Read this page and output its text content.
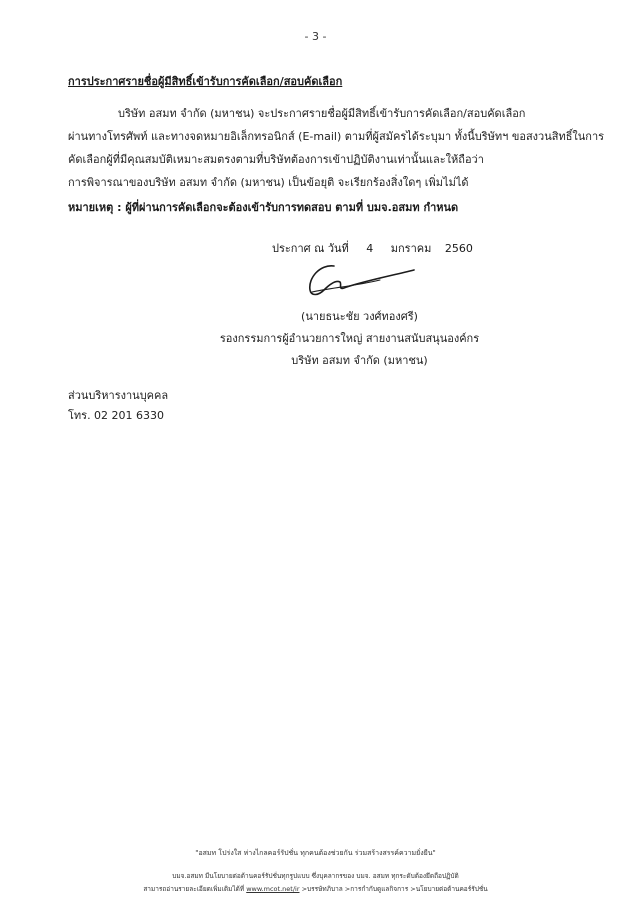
- 3 -
การประกาศรายชื่อผู้มีสิทธิ์เข้ารับการคัดเลือก/สอบคัดเลือก
บริษัท อสมท จำกัด (มหาชน) จะประกาศรายชื่อผู้มีสิทธิ์เข้ารับการคัดเลือก/สอบคัดเลือก
ผ่านทางโทรศัพท์ และทางจดหมายอิเล็กทรอนิกส์ (E-mail) ตามที่ผู้สมัครได้ระบุมา ทั้งนี้บริษัทฯ ขอสงวนสิทธิ์ในการ
คัดเลือกผู้ที่มีคุณสมบัติเหมาะสมตรงตามที่บริษัทต้องการเข้าปฏิบัติงานเท่านั้นและให้ถือว่า
การพิจารณาของบริษัท อสมท จำกัด (มหาชน) เป็นข้อยุติ จะเรียกร้องสิ่งใดๆ เพิ่มไม่ได้
หมายเหตุ : ผู้ที่ผ่านการคัดเลือกจะต้องเข้ารับการทดสอบ ตามที่ บมจ.อสมท กำหนด
ประกาศ ณ วันที่ 4 มกราคม 2560
(นายธนะชัย วงศ์ทองศรี)
รองกรรมการผู้อำนวยการใหญ่ สายงานสนับสนุนองค์กร
บริษัท อสมท จำกัด (มหาชน)
ส่วนบริหารงานบุคคล
โทร. 02 201 6330
"อสมท โปร่งใส ห่างไกลคอร์รัปชั่น ทุกคนต้องช่วยกัน ร่วมสร้างสรรค์ความยั่งยืน"
บมจ.อสมท มีนโยบายต่อต้านคอร์รัปชั่นทุกรูปแบบ ซึ่งบุคลากรของ บมจ. อสมท ทุกระดับต้องยึดถือปฏิบัติ
สามารถอ่านรายละเอียดเพิ่มเติมได้ที่ www.mcot.net/ir >บรรษัทภิบาล >การกำกับดูแลกิจการ >นโยบายต่อต้านคอร์รัปชั่น
